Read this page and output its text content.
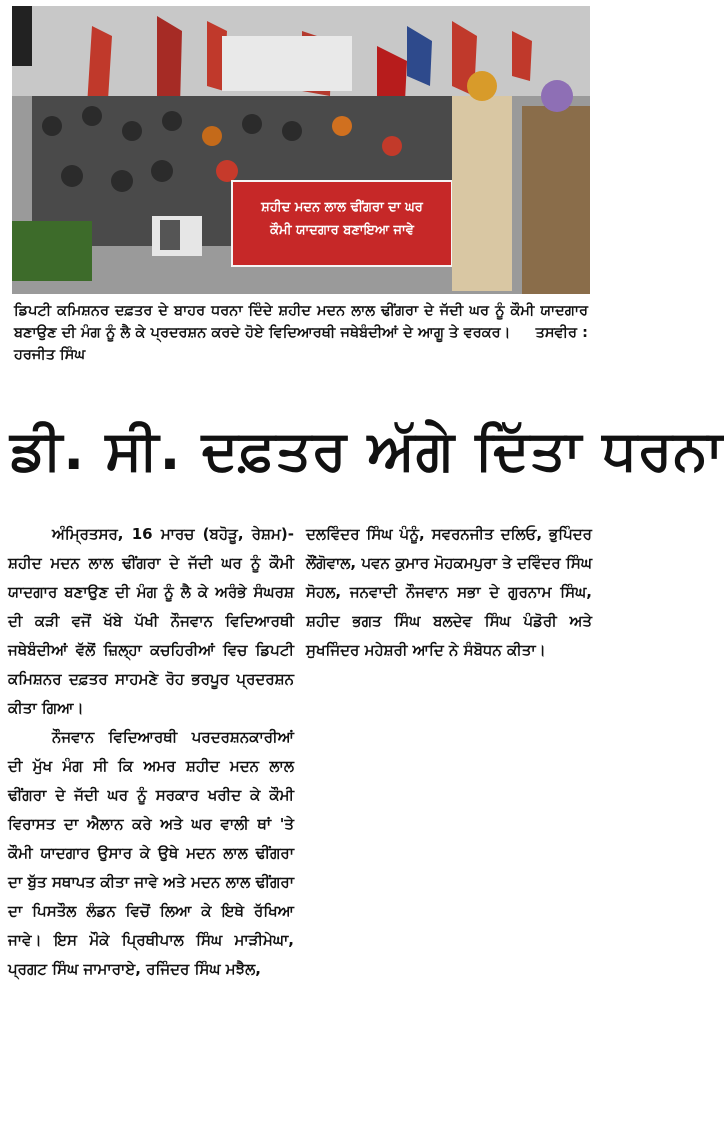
ਸ਼ਹੀਦ ਮਦਨ ਲਾਲ ਢੀਂਗਰਾ ਦਾ ਘਰ
ਕੌਮੀ ਯਾਦਗਾਰ ਬਣਾਇਆ ਜਾਵੇ
ਡਿਪਟੀ ਕਮਿਸ਼ਨਰ ਦਫ਼ਤਰ ਦੇ ਬਾਹਰ ਧਰਨਾ ਦਿੰਦੇ ਸ਼ਹੀਦ ਮਦਨ ਲਾਲ ਢੀਂਗਰਾ ਦੇ ਜੱਦੀ ਘਰ ਨੂੰ ਕੌਮੀ ਯਾਦਗਾਰ ਬਣਾਉਣ ਦੀ ਮੰਗ ਨੂੰ ਲੈ ਕੇ ਪ੍ਰਦਰਸ਼ਨ ਕਰਦੇ ਹੋਏ ਵਿਦਿਆਰਥੀ ਜਥੇਬੰਦੀਆਂ ਦੇ ਆਗੂ ਤੇ ਵਰਕਰ। ਤਸਵੀਰ : ਹਰਜੀਤ ਸਿੰਘ
ਡੀ. ਸੀ. ਦਫ਼ਤਰ ਅੱਗੇ ਦਿੱਤਾ ਧਰਨਾ

ਅੰਮ੍ਰਿਤਸਰ, 16 ਮਾਰਚ (ਬਹੋੜੂ, ਰੇਸ਼ਮ)-ਸ਼ਹੀਦ ਮਦਨ ਲਾਲ ਢੀਂਗਰਾ ਦੇ ਜੱਦੀ ਘਰ ਨੂੰ ਕੌਮੀ ਯਾਦਗਾਰ ਬਣਾਉਣ ਦੀ ਮੰਗ ਨੂੰ ਲੈ ਕੇ ਅਰੰਭੇ ਸੰਘਰਸ਼ ਦੀ ਕੜੀ ਵਜੋਂ ਖੱਬੇ ਪੱਖੀ ਨੌਜਵਾਨ ਵਿਦਿਆਰਥੀ ਜਥੇਬੰਦੀਆਂ ਵੱਲੋਂ ਜ਼ਿਲ੍ਹਾ ਕਚਹਿਰੀਆਂ ਵਿਚ ਡਿਪਟੀ ਕਮਿਸ਼ਨਰ ਦਫ਼ਤਰ ਸਾਹਮਣੇ ਰੋਹ ਭਰਪੂਰ ਪ੍ਰਦਰਸ਼ਨ ਕੀਤਾ ਗਿਆ।

ਨੌਜਵਾਨ ਵਿਦਿਆਰਥੀ ਪਰਦਰਸ਼ਨਕਾਰੀਆਂ ਦੀ ਮੁੱਖ ਮੰਗ ਸੀ ਕਿ ਅਮਰ ਸ਼ਹੀਦ ਮਦਨ ਲਾਲ ਢੀਂਗਰਾ ਦੇ ਜੱਦੀ ਘਰ ਨੂੰ ਸਰਕਾਰ ਖਰੀਦ ਕੇ ਕੌਮੀ ਵਿਰਾਸਤ ਦਾ ਐਲਾਨ ਕਰੇ ਅਤੇ ਘਰ ਵਾਲੀ ਥਾਂ 'ਤੇ ਕੌਮੀ ਯਾਦਗਾਰ ਉਸਾਰ ਕੇ ਉਥੇ ਮਦਨ ਲਾਲ ਢੀਂਗਰਾ ਦਾ ਬੁੱਤ ਸਥਾਪਤ ਕੀਤਾ ਜਾਵੇ ਅਤੇ ਮਦਨ ਲਾਲ ਢੀਂਗਰਾ ਦਾ ਪਿਸਤੌਲ ਲੰਡਨ ਵਿਚੋਂ ਲਿਆ ਕੇ ਇਥੇ ਰੱਖਿਆ ਜਾਵੇ। ਇਸ ਮੌਕੇ ਪ੍ਰਿਥੀਪਾਲ ਸਿੰਘ ਮਾੜੀਮੇਘਾ, ਪ੍ਰਗਟ ਸਿੰਘ ਜਾਮਾਰਾਏ, ਰਜਿੰਦਰ ਸਿੰਘ ਮਝੈਲ,

ਦਲਵਿੰਦਰ ਸਿੰਘ ਪੰਨੂੰ, ਸਵਰਨਜੀਤ ਦਲਿਓ, ਭੁਪਿੰਦਰ ਲੌਂਗੋਵਾਲ, ਪਵਨ ਕੁਮਾਰ ਮੋਹਕਮਪੁਰਾ ਤੇ ਦਵਿੰਦਰ ਸਿੰਘ ਸੋਹਲ, ਜਨਵਾਦੀ ਨੌਜਵਾਨ ਸਭਾ ਦੇ ਗੁਰਨਾਮ ਸਿੰਘ, ਸ਼ਹੀਦ ਭਗਤ ਸਿੰਘ ਬਲਦੇਵ ਸਿੰਘ ਪੰਡੋਰੀ ਅਤੇ ਸੁਖਜਿੰਦਰ ਮਹੇਸ਼ਰੀ ਆਦਿ ਨੇ ਸੰਬੋਧਨ ਕੀਤਾ।
